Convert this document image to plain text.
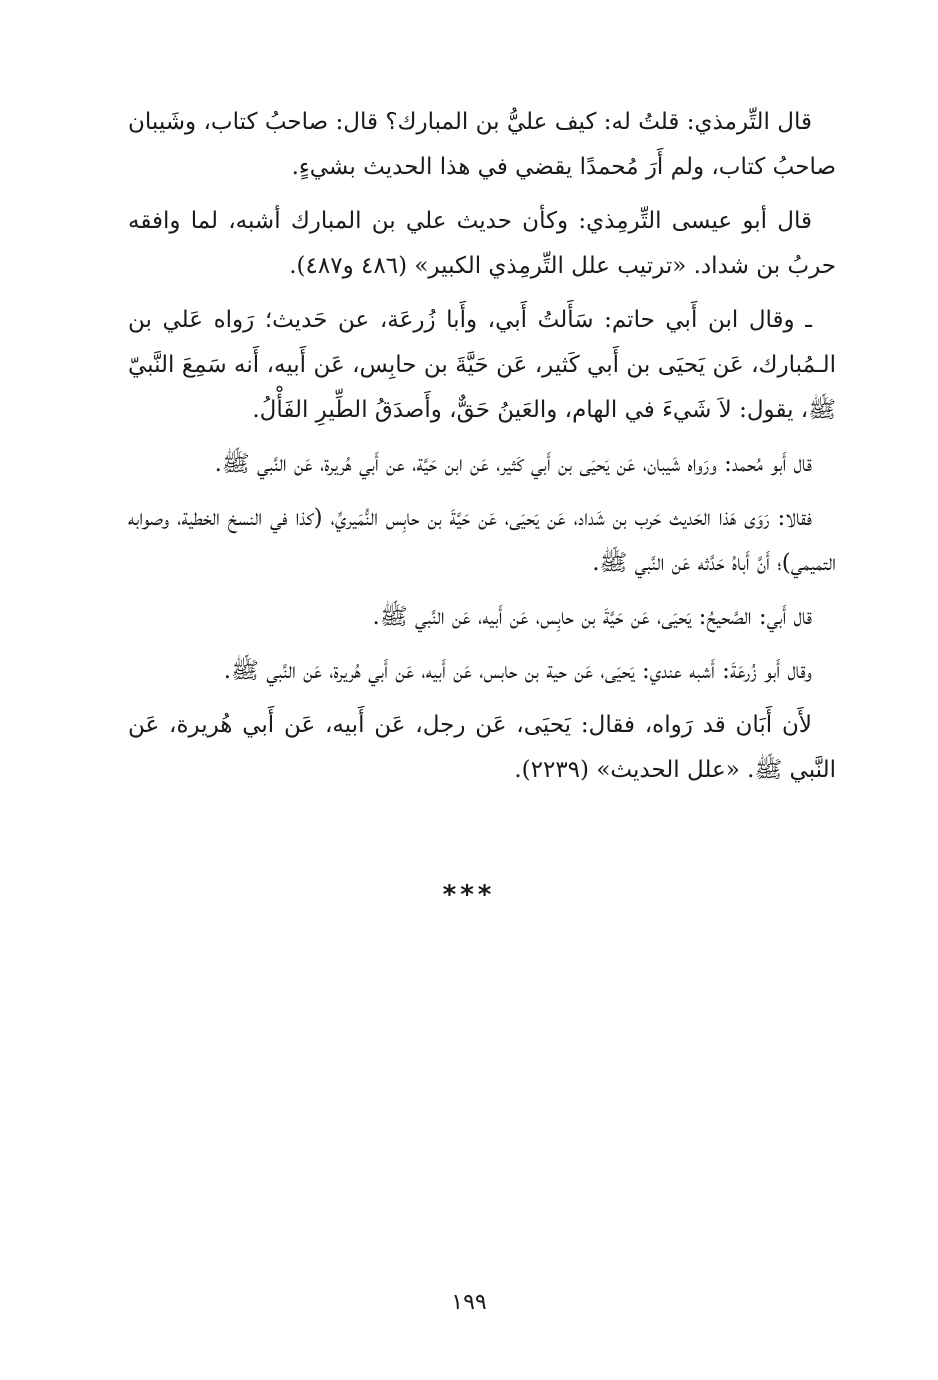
قال التِّرمذي: قلتُ له: كيف عليُّ بن المبارك؟ قال: صاحبُ كتاب، وشَيبان صاحبُ كتاب، ولم أَرَ مُحمدًا يقضي في هذا الحديث بشيءٍ.

قال أبو عيسى التِّرمِذي: وكأن حديث علي بن المبارك أشبه، لما وافقه حربُ بن شداد. «ترتيب علل التِّرمِذي الكبير» (٤٨٦ و٤٨٧).

ـ وقال ابن أَبي حاتم: سَأَلتُ أَبي، وأَبا زُرعَة، عن حَديث؛ رَواه عَلي بن الـمُبارك، عَن يَحيَى بن أَبي كَثير، عَن حَيَّةَ بن حابِس، عَن أَبيه، أَنه سَمِعَ النَّبيّ ﷺ، يقول: لاَ شَيءَ في الهام، والعَينُ حَقٌّ، وأَصدَقُ الطِّيرِ الفَأْلُ.

قال أَبو مُحمد: ورَواه شَيبان، عَن يَحيَى بن أَبي كَثير، عَن ابن حَيَّة، عن أَبي هُريرة، عَن النَّبي ﷺ.

فقالا: رَوَى هَذا الحَديث حَرب بن شَداد، عَن يَحيَى، عَن حَيَّةَ بن حابِس النُّمَيريِّ، (كذا في النسخ الخطية، وصوابه التميمي)؛ أَنَّ أَباهُ حَدَّثه عَن النَّبي ﷺ.

قال أَبي: الصَّحيحُ: يَحيَى، عَن حَيَّةَ بن حابِس، عَن أَبيه، عَن النَّبي ﷺ.

وقال أَبو زُرعَةَ: أَشبه عندي: يَحيَى، عَن حية بن حابس، عَن أَبيه، عَن أَبي هُريرة، عَن النَّبي ﷺ.

لأَن أَبَان قد رَواه، فقال: يَحيَى، عَن رجل، عَن أَبيه، عَن أَبي هُريرة، عَن النَّبي ﷺ. «علل الحديث» (٢٢٣٩).

***
١٩٩
